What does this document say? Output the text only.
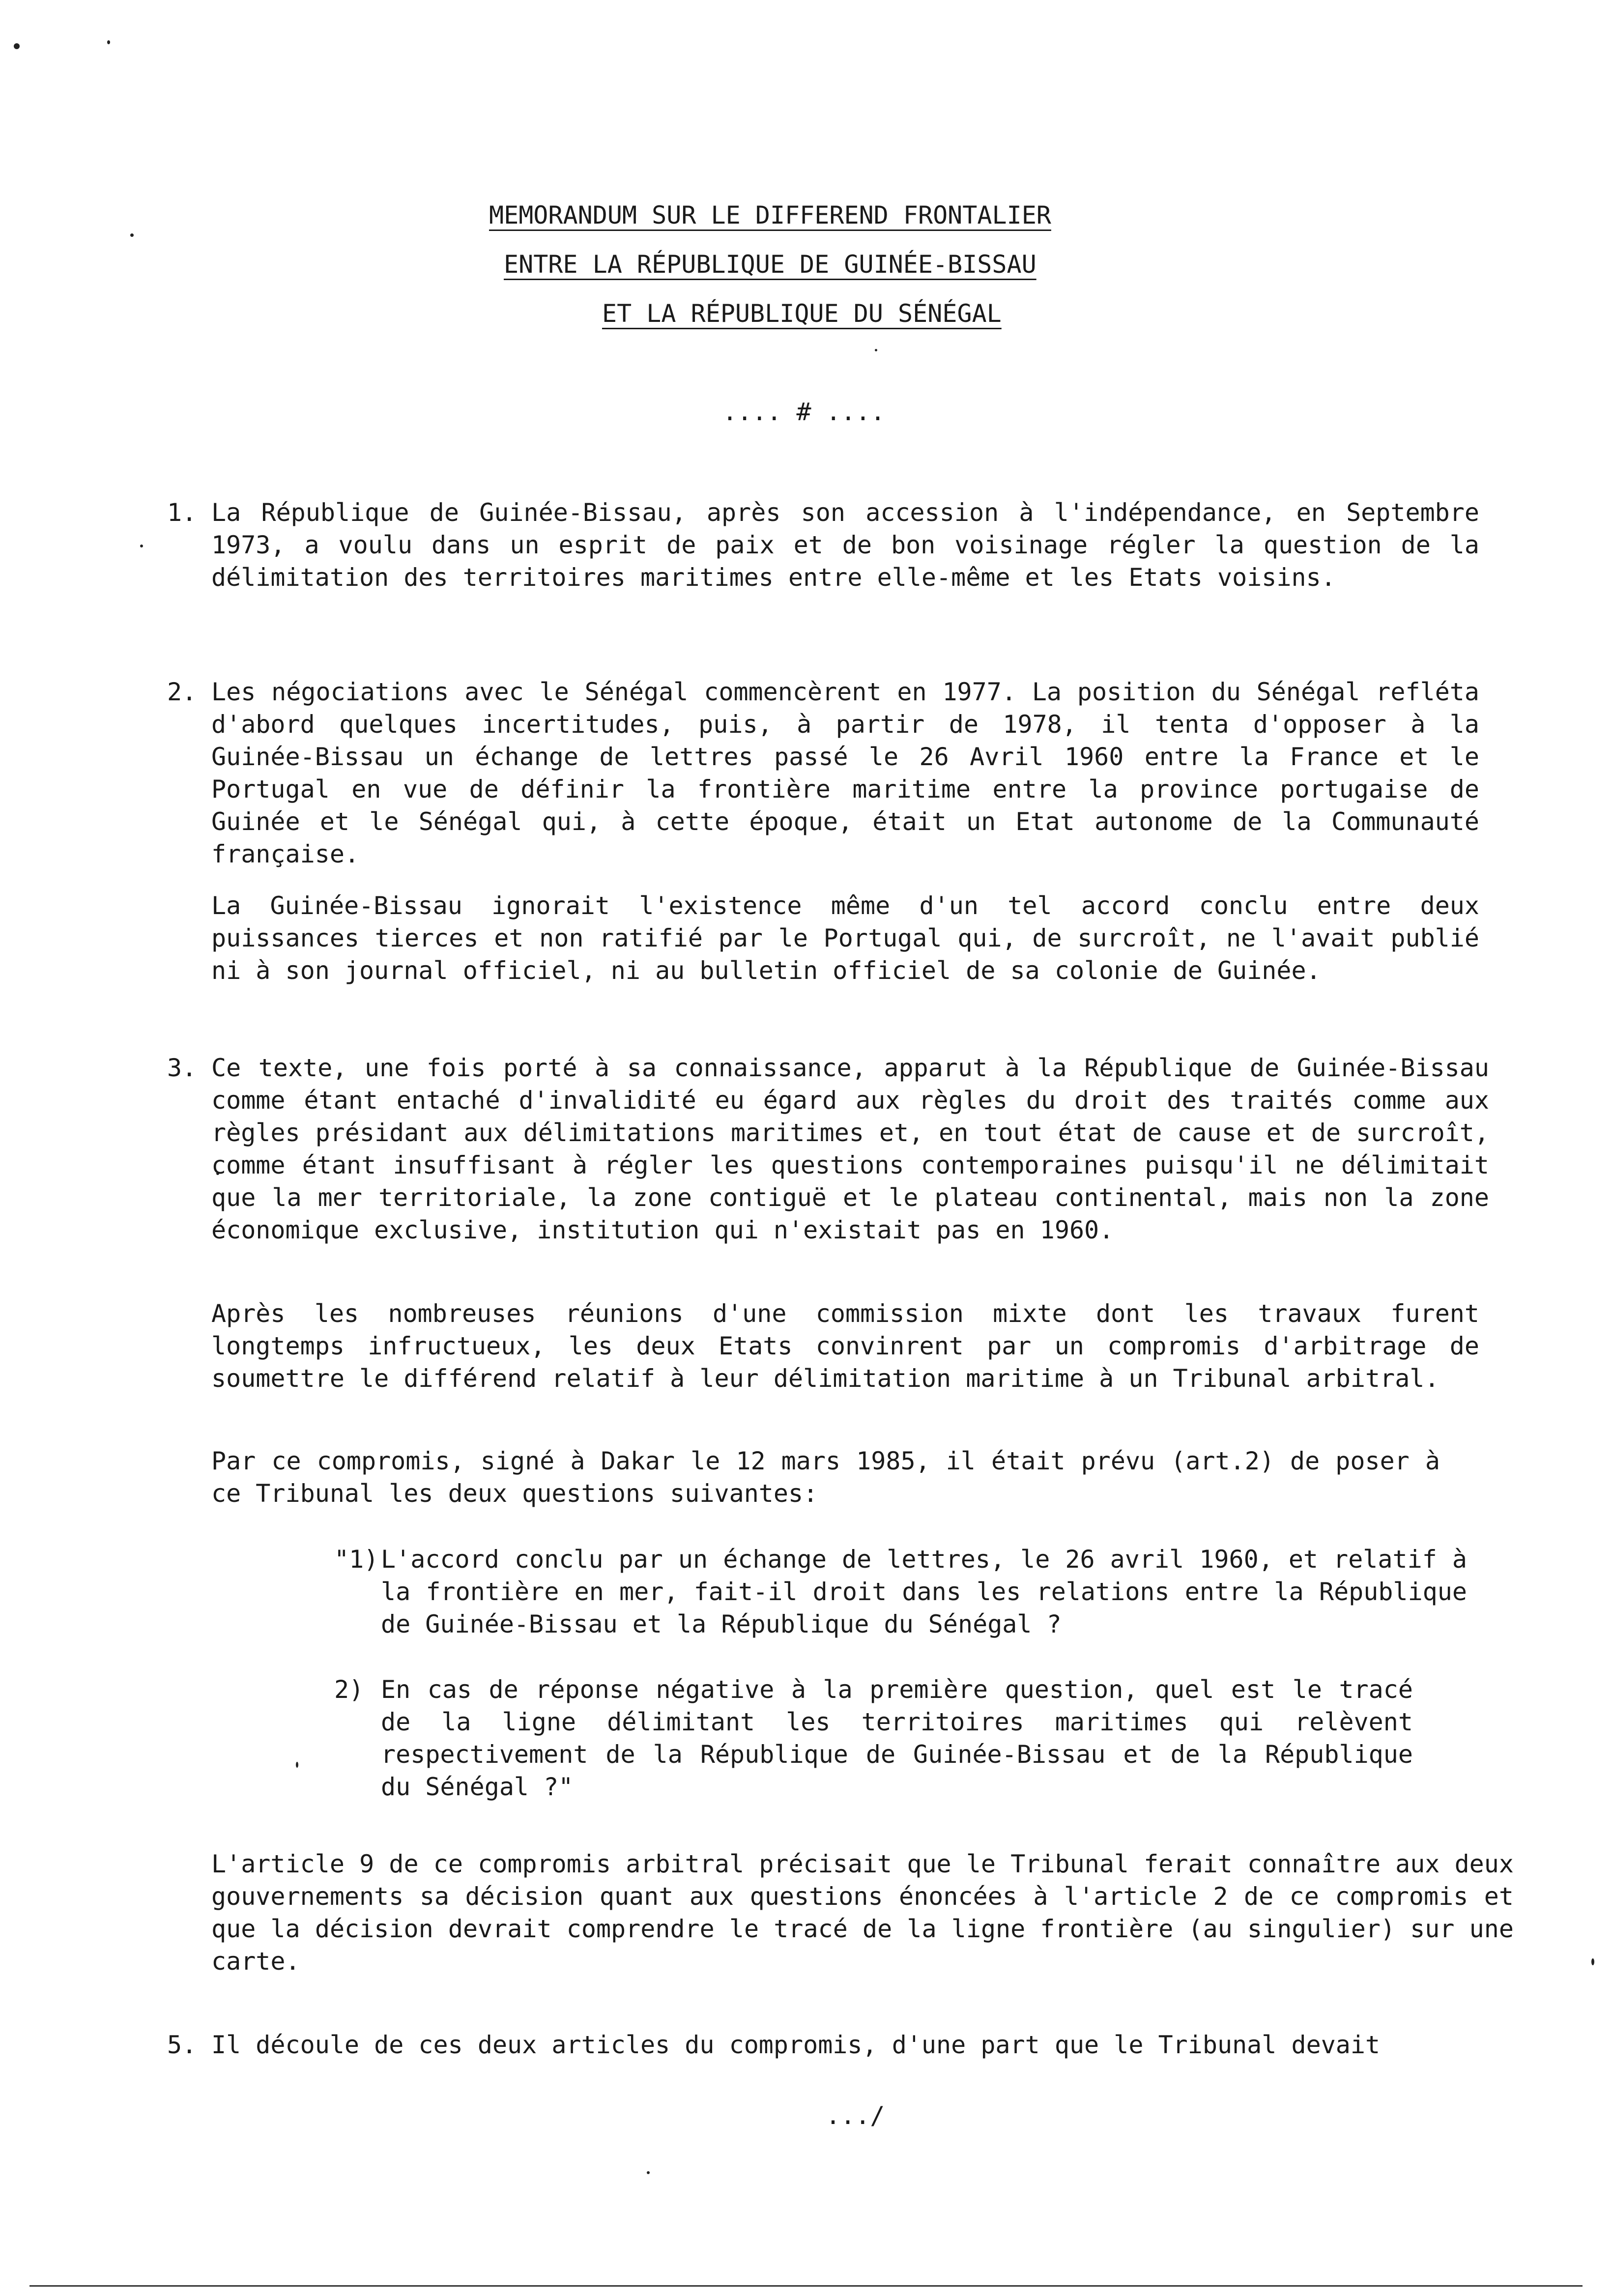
MEMORANDUM SUR LE DIFFEREND FRONTALIER
ENTRE LA RÉPUBLIQUE DE GUINÉE-BISSAU
ET LA RÉPUBLIQUE DU SÉNÉGAL
.... # ....
1. La République de Guinée-Bissau, après son accession à l'indépendance, en Septembre 1973, a voulu dans un esprit de paix et de bon voisinage régler la question de la délimitation des territoires maritimes entre elle-même et les Etats voisins.
2. Les négociations avec le Sénégal commencèrent en 1977. La position du Sénégal refléta d'abord quelques incertitudes, puis, à partir de 1978, il tenta d'opposer à la Guinée-Bissau un échange de lettres passé le 26 Avril 1960 entre la France et le Portugal en vue de définir la frontière maritime entre la province portugaise de Guinée et le Sénégal qui, à cette époque, était un Etat autonome de la Communauté française.
La Guinée-Bissau ignorait l'existence même d'un tel accord conclu entre deux puissances tierces et non ratifié par le Portugal qui, de surcroît, ne l'avait publié ni à son journal officiel, ni au bulletin officiel de sa colonie de Guinée.
3. Ce texte, une fois porté à sa connaissance, apparut à la République de Guinée-Bissau comme étant entaché d'invalidité eu égard aux règles du droit des traités comme aux règles présidant aux délimitations maritimes et, en tout état de cause et de surcroît, comme étant insuffisant à régler les questions contemporaines puisqu'il ne délimitait que la mer territoriale, la zone contiguë et le plateau continental, mais non la zone économique exclusive, institution qui n'existait pas en 1960.
Après les nombreuses réunions d'une commission mixte dont les travaux furent longtemps infructueux, les deux Etats convinrent par un compromis d'arbitrage de soumettre le différend relatif à leur délimitation maritime à un Tribunal arbitral.
Par ce compromis, signé à Dakar le 12 mars 1985, il était prévu (art.2) de poser à ce Tribunal les deux questions suivantes:
"1) L'accord conclu par un échange de lettres, le 26 avril 1960, et relatif à la frontière en mer, fait-il droit dans les relations entre la République de Guinée-Bissau et la République du Sénégal ?
2) En cas de réponse négative à la première question, quel est le tracé de la ligne délimitant les territoires maritimes qui relèvent respectivement de la République de Guinée-Bissau et de la République du Sénégal ?"
L'article 9 de ce compromis arbitral précisait que le Tribunal ferait connaître aux deux gouvernements sa décision quant aux questions énoncées à l'article 2 de ce compromis et que la décision devrait comprendre le tracé de la ligne frontière (au singulier) sur une carte.
5. Il découle de ces deux articles du compromis, d'une part que le Tribunal devait
.../
